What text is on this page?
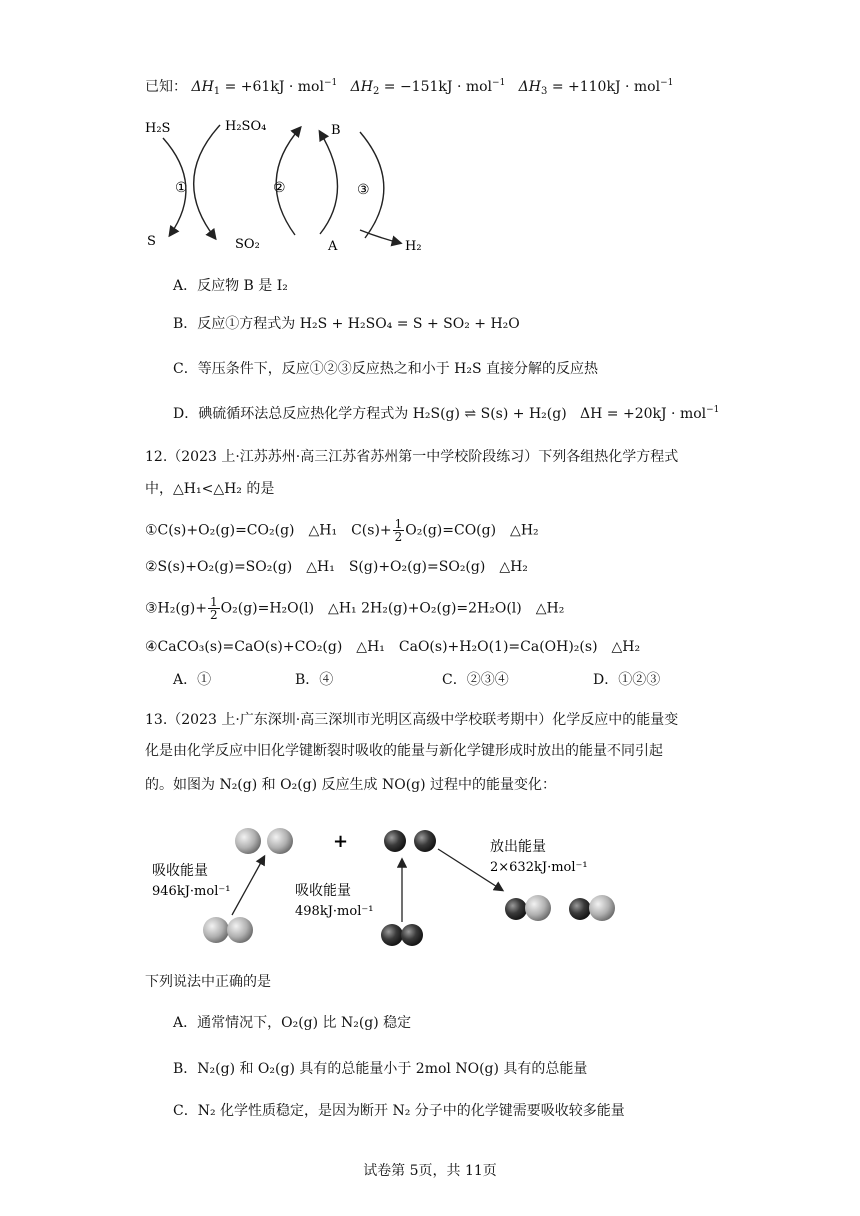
已知： $\Delta H_1 = +61kJ \cdot mol^{-1}$ $\Delta H_2 = -151kJ \cdot mol^{-1}$ $\Delta H_3 = +110kJ \cdot mol^{-1}$
H₂S
S
H₂SO₄
SO₂
B
A	H₂
①	②	③
A．反应物 B 是 I₂
B．反应①方程式为 H₂S + H₂SO₄ = S + SO₂ + H₂O
C．等压条件下，反应①②③反应热之和小于 H₂S 直接分解的反应热
D．碘硫循环法总反应热化学方程式为 H₂S(g) ⇌ S(s) + H₂(g) ΔH = +20kJ · mol$^{-1}$
12.（2023 上·江苏苏州·高三江苏省苏州第一中学校阶段练习）下列各组热化学方程式
中，△H₁<△H₂ 的是
①C(s)+O₂(g)=CO₂(g)　△H₁　$C(s)+ \frac{1}{2} O_2(g)=CO(g)$　△H₂
②S(s)+O₂(g)=SO₂(g)　△H₁　S(g)+O₂(g)=SO₂(g)　△H₂
③H₂(g)+ $\frac{1}{2} O_2(g)=H_2O(l)$　△H₁ 2H₂(g)+O₂(g)=2H₂O(l)　△H₂
④CaCO₃(s)=CaO(s)+CO₂(g)　△H₁　CaO(s)+H₂O(1)=Ca(OH)₂(s)　△H₂
A．①	B．④	C．②③④	D．①②③
13.（2023 上·广东深圳·高三深圳市光明区高级中学校联考期中）化学反应中的能量变
化是由化学反应中旧化学键断裂时吸收的能量与新化学键形成时放出的能量不同引起
的。如图为 N₂(g) 和 O₂(g) 反应生成 NO(g) 过程中的能量变化：
吸收能量
946kJ·mol⁻¹
+
吸收能量
498kJ·mol⁻¹
放出能量
2×632kJ·mol⁻¹
下列说法中正确的是
A．通常情况下，O₂(g) 比 N₂(g) 稳定
B．N₂(g) 和 O₂(g) 具有的总能量小于 2mol NO(g) 具有的总能量
C．N₂ 化学性质稳定，是因为断开 N₂ 分子中的化学键需要吸收较多能量
试卷第 5页，共 11页
